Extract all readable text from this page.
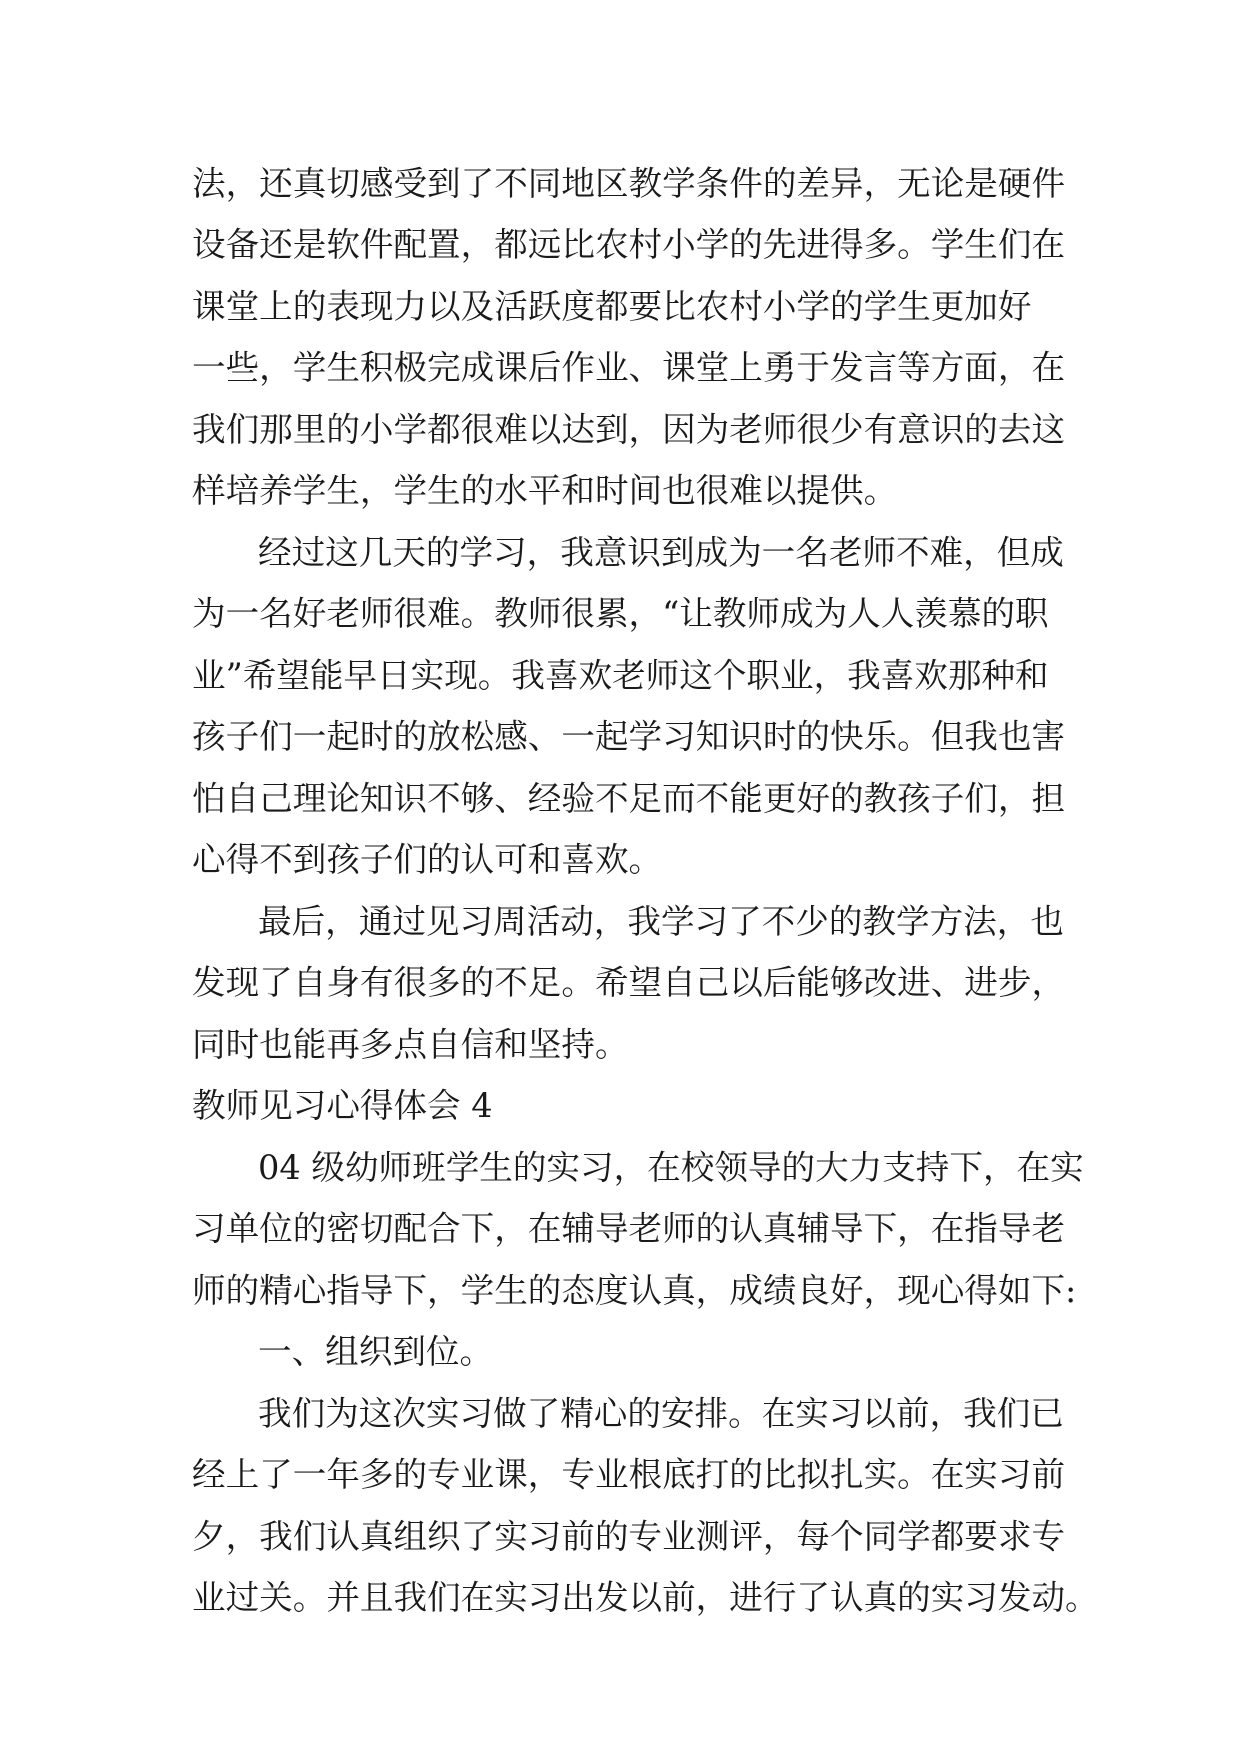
法，还真切感受到了不同地区教学条件的差异，无论是硬件
设备还是软件配置，都远比农村小学的先进得多。学生们在
课堂上的表现力以及活跃度都要比农村小学的学生更加好
一些，学生积极完成课后作业、课堂上勇于发言等方面，在
我们那里的小学都很难以达到，因为老师很少有意识的去这
样培养学生，学生的水平和时间也很难以提供。
经过这几天的学习，我意识到成为一名老师不难，但成
为一名好老师很难。教师很累，“让教师成为人人羡慕的职
业”希望能早日实现。我喜欢老师这个职业，我喜欢那种和
孩子们一起时的放松感、一起学习知识时的快乐。但我也害
怕自己理论知识不够、经验不足而不能更好的教孩子们，担
心得不到孩子们的认可和喜欢。
最后，通过见习周活动，我学习了不少的教学方法，也
发现了自身有很多的不足。希望自己以后能够改进、进步，
同时也能再多点自信和坚持。
教师见习心得体会 4
04 级幼师班学生的实习，在校领导的大力支持下，在实
习单位的密切配合下，在辅导老师的认真辅导下，在指导老
师的精心指导下，学生的态度认真，成绩良好，现心得如下:
一、组织到位。
我们为这次实习做了精心的安排。在实习以前，我们已
经上了一年多的专业课，专业根底打的比拟扎实。在实习前
夕，我们认真组织了实习前的专业测评，每个同学都要求专
业过关。并且我们在实习出发以前，进行了认真的实习发动。
